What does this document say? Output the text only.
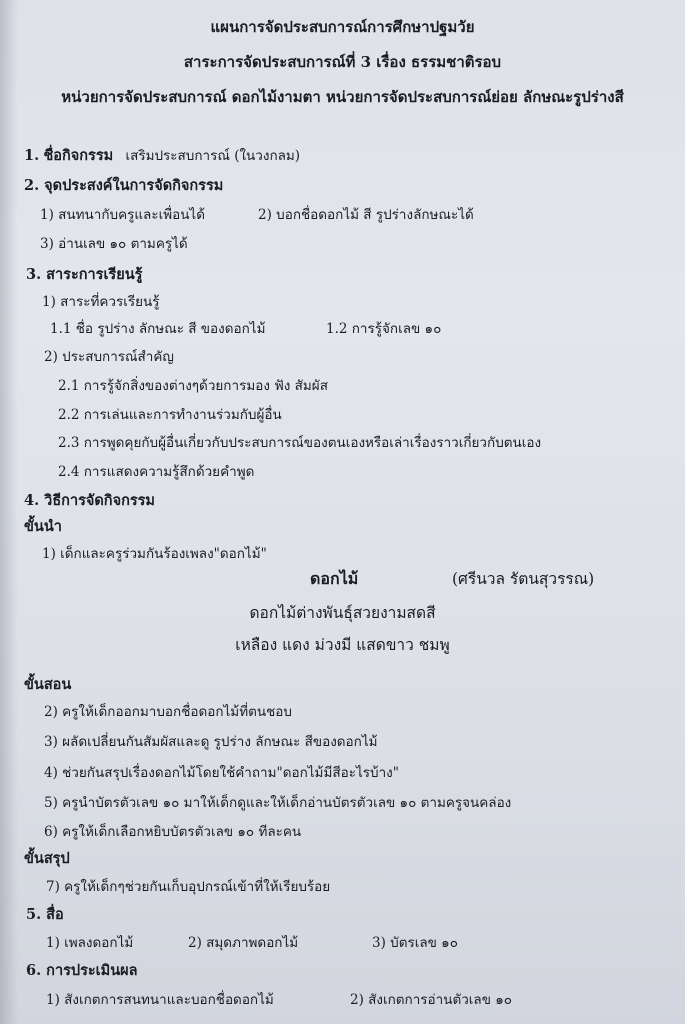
แผนการจัดประสบการณ์การศึกษาปฐมวัย
สาระการจัดประสบการณ์ที่ 3 เรื่อง ธรรมชาติรอบ
หน่วยการจัดประสบการณ์ ดอกไม้งามตา หน่วยการจัดประสบการณ์ย่อย ลักษณะรูปร่างสี
1. ชื่อกิจกรรม เสริมประสบการณ์ (ในวงกลม)
2. จุดประสงค์ในการจัดกิจกรรม
1) สนทนากับครูและเพื่อนได้	2) บอกชื่อดอกไม้ สี รูปร่างลักษณะได้
3) อ่านเลข ๑๐ ตามครูได้
3. สาระการเรียนรู้
1) สาระที่ควรเรียนรู้
1.1 ชื่อ รูปร่าง ลักษณะ สี ของดอกไม้	1.2 การรู้จักเลข ๑๐
2) ประสบการณ์สำคัญ
2.1 การรู้จักสิ่งของต่างๆด้วยการมอง ฟัง สัมผัส
2.2 การเล่นและการทำงานร่วมกับผู้อื่น
2.3 การพูดคุยกับผู้อื่นเกี่ยวกับประสบการณ์ของตนเองหรือเล่าเรื่องราวเกี่ยวกับตนเอง
2.4 การแสดงความรู้สึกด้วยคำพูด
4. วิธีการจัดกิจกรรม
ขั้นนำ
1) เด็กและครูร่วมกันร้องเพลง"ดอกไม้"
ดอกไม้	(ศรีนวล รัตนสุวรรณ)
ดอกไม้ต่างพันธุ์สวยงามสดสี
เหลือง แดง ม่วงมี แสดขาว ชมพู
ขั้นสอน
2) ครูให้เด็กออกมาบอกชื่อดอกไม้ที่ตนชอบ
3) ผลัดเปลี่ยนกันสัมผัสและดู รูปร่าง ลักษณะ สีของดอกไม้
4) ช่วยกันสรุปเรื่องดอกไม้โดยใช้คำถาม"ดอกไม้มีสีอะไรบ้าง"
5) ครูนำบัตรตัวเลข ๑๐ มาให้เด็กดูและให้เด็กอ่านบัตรตัวเลข ๑๐ ตามครูจนคล่อง
6) ครูให้เด็กเลือกหยิบบัตรตัวเลข ๑๐ ทีละคน
ขั้นสรุป
7) ครูให้เด็กๆช่วยกันเก็บอุปกรณ์เข้าที่ให้เรียบร้อย
5. สื่อ
1) เพลงดอกไม้	2) สมุดภาพดอกไม้	3) บัตรเลข ๑๐
6. การประเมินผล
1) สังเกตการสนทนาและบอกชื่อดอกไม้	2) สังเกตการอ่านตัวเลข ๑๐
